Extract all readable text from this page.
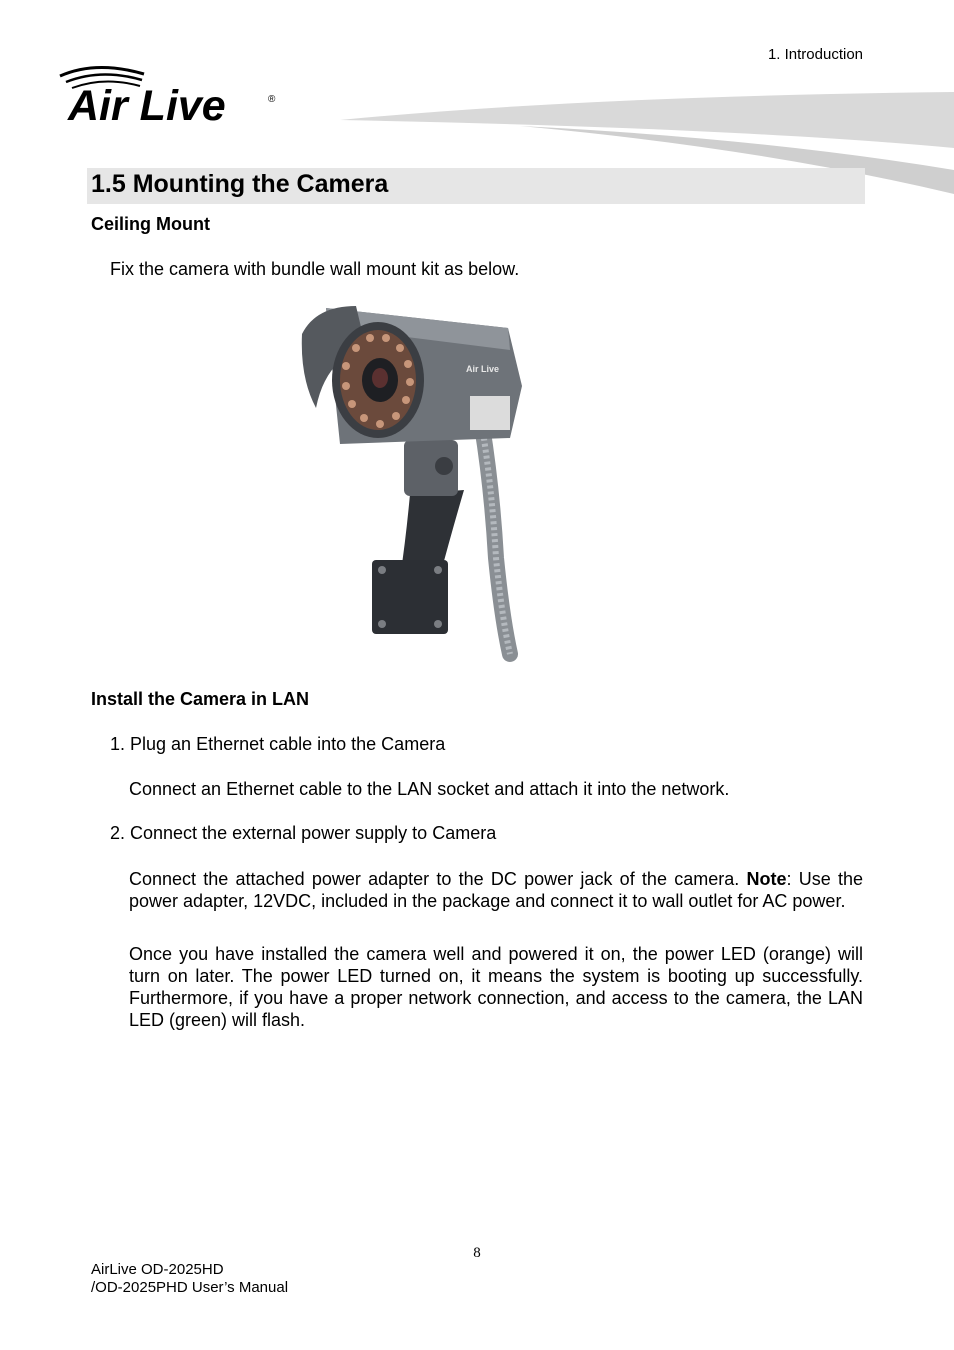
1. Introduction
Air Live	®
1.5 Mounting the Camera
Ceiling Mount
Fix the camera with bundle wall mount kit as below.
Air Live
Install the Camera in LAN
1. Plug an Ethernet cable into the Camera
Connect an Ethernet cable to the LAN socket and attach it into the network.
2. Connect the external power supply to Camera
Connect the attached power adapter to the DC power jack of the camera. Note: Use the power adapter, 12VDC, included in the package and connect it to wall outlet for AC power.
Once you have installed the camera well and powered it on, the power LED (orange) will turn on later. The power LED turned on, it means the system is booting up successfully. Furthermore, if you have a proper network connection, and access to the camera, the LAN LED (green) will flash.
8
AirLive OD-2025HD
/OD-2025PHD User’s Manual
